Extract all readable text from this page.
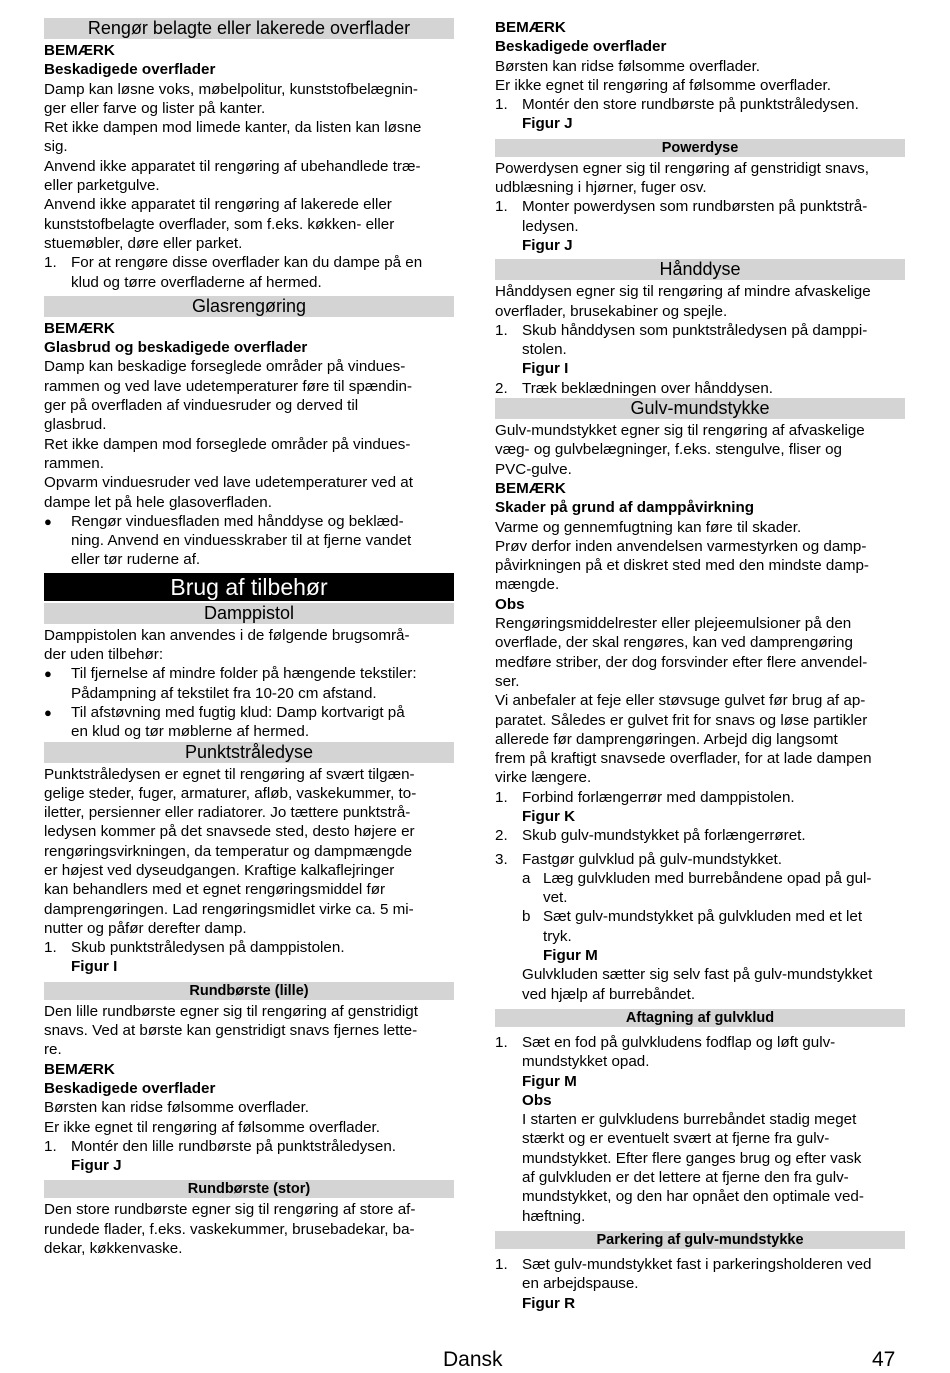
Rengør belagte eller lakerede overflader

BEMÆRK

Beskadigede overflader

Damp kan løsne voks, møbelpolitur, kunststofbelægnin-

ger eller farve og lister på kanter.

Ret ikke dampen mod limede kanter, da listen kan løsne

sig.

Anvend ikke apparatet til rengøring af ubehandlede træ-

eller parketgulve.

Anvend ikke apparatet til rengøring af lakerede eller

kunststofbelagte overflader, som f.eks. køkken- eller

stuemøbler, døre eller parket.

1. For at rengøre disse overflader kan du dampe på en

klud og tørre overfladerne af hermed.

Glasrengøring

BEMÆRK

Glasbrud og beskadigede overflader

Damp kan beskadige forseglede områder på vindues-

rammen og ved lave udetemperaturer føre til spændin-

ger på overfladen af vinduesruder og derved til

glasbrud.

Ret ikke dampen mod forseglede områder på vindues-

rammen.

Opvarm vinduesruder ved lave udetemperaturer ved at

dampe let på hele glasoverfladen.

●	Rengør vinduesfladen med hånddyse og beklæd-

ning. Anvend en vinduesskraber til at fjerne vandet

eller tør ruderne af.

Brug af tilbehør
Damppistol

Damppistolen kan anvendes i de følgende brugsområ-

der uden tilbehør:

●	Til fjernelse af mindre folder på hængende tekstiler:

Pådampning af tekstilet fra 10-20 cm afstand.

●	Til afstøvning med fugtig klud: Damp kortvarigt på

en klud og tør møblerne af hermed.

Punktstråledyse

Punktstråledysen er egnet til rengøring af svært tilgæn-

gelige steder, fuger, armaturer, afløb, vaskekummer, to-

iletter, persienner eller radiatorer. Jo tættere punktstrå-

ledysen kommer på det snavsede sted, desto højere er

rengøringsvirkningen, da temperatur og dampmængde

er højest ved dyseudgangen. Kraftige kalkaflejringer

kan behandlers med et egnet rengøringsmiddel før

damprengøringen. Lad rengøringsmidlet virke ca. 5 mi-

nutter og påfør derefter damp.

1. Skub punktstråledysen på damppistolen.

Figur I

Rundbørste (lille)

Den lille rundbørste egner sig til rengøring af genstridigt

snavs. Ved at børste kan genstridigt snavs fjernes lette-

re.

BEMÆRK

Beskadigede overflader

Børsten kan ridse følsomme overflader.

Er ikke egnet til rengøring af følsomme overflader.

1. Montér den lille rundbørste på punktstråledysen.

Figur J

Rundbørste (stor)

Den store rundbørste egner sig til rengøring af store af-

rundede flader, f.eks. vaskekummer, brusebadekar, ba-

dekar, køkkenvaske.

BEMÆRK

Beskadigede overflader

Børsten kan ridse følsomme overflader.

Er ikke egnet til rengøring af følsomme overflader.

1. Montér den store rundbørste på punktstråledysen.

Figur J

Powerdyse

Powerdysen egner sig til rengøring af genstridigt snavs,

udblæsning i hjørner, fuger osv.

1. Monter powerdysen som rundbørsten på punktstrå-

ledysen.

Figur J

Hånddyse

Hånddysen egner sig til rengøring af mindre afvaskelige

overflader, brusekabiner og spejle.

1. Skub hånddysen som punktstråledysen på damppi-

stolen.

Figur I

2. Træk beklædningen over hånddysen.

Gulv-mundstykke

Gulv-mundstykket egner sig til rengøring af afvaskelige

væg- og gulvbelægninger, f.eks. stengulve, fliser og

PVC-gulve.

BEMÆRK

Skader på grund af damppåvirkning

Varme og gennemfugtning kan føre til skader.

Prøv derfor inden anvendelsen varmestyrken og damp-

påvirkningen på et diskret sted med den mindste damp-

mængde.

Obs

Rengøringsmiddelrester eller plejeemulsioner på den

overflade, der skal rengøres, kan ved damprengøring

medføre striber, der dog forsvinder efter flere anvendel-

ser.

Vi anbefaler at feje eller støvsuge gulvet før brug af ap-

paratet. Således er gulvet frit for snavs og løse partikler

allerede før damprengøringen. Arbejd dig langsomt

frem på kraftigt snavsede overflader, for at lade dampen

virke længere.

1. Forbind forlængerrør med damppistolen.

Figur K

2. Skub gulv-mundstykket på forlængerrøret.

3. Fastgør gulvklud på gulv-mundstykket.

a Læg gulvkluden med burrebåndene opad på gul-

vet.

b Sæt gulv-mundstykket på gulvkluden med et let

tryk.

Figur M

Gulvkluden sætter sig selv fast på gulv-mundstykket

ved hjælp af burrebåndet.

Aftagning af gulvklud
1. Sæt en fod på gulvkludens fodflap og løft gulv-

mundstykket opad.

Figur M

Obs

I starten er gulvkludens burrebåndet stadig meget

stærkt og er eventuelt svært at fjerne fra gulv-

mundstykket. Efter flere ganges brug og efter vask

af gulvkluden er det lettere at fjerne den fra gulv-

mundstykket, og den har opnået den optimale ved-

hæftning.

Parkering af gulv-mundstykke
1. Sæt gulv-mundstykket fast i parkeringsholderen ved

en arbejdspause.

Figur R

Dansk	47
